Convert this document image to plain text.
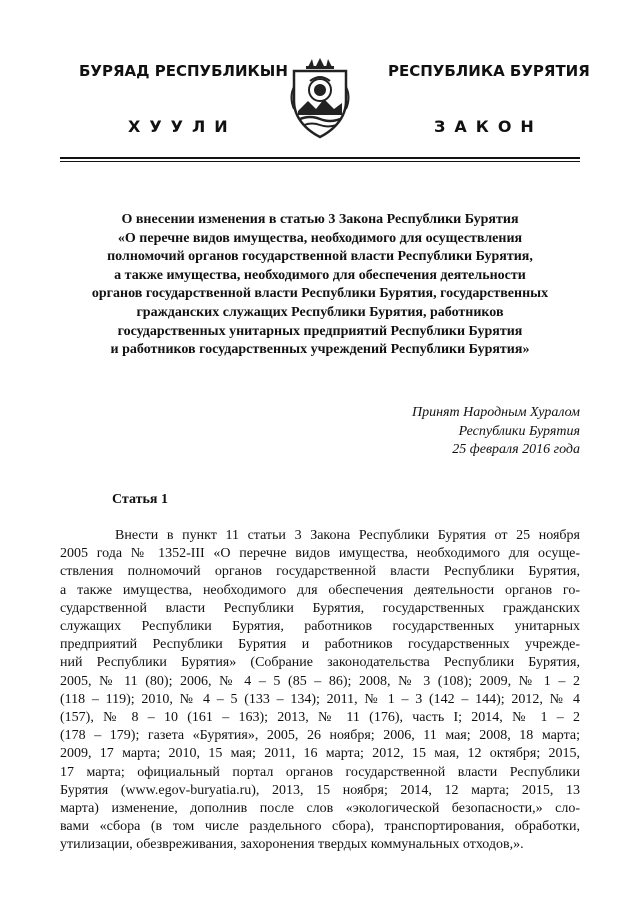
БУРЯАД РЕСПУБЛИКЫН
ХУУЛИ
РЕСПУБЛИКА БУРЯТИЯ
ЗАКОН
О внесении изменения в статью 3 Закона Республики Бурятия
«О перечне видов имущества, необходимого для осуществления
полномочий органов государственной власти Республики Бурятия,
а также имущества, необходимого для обеспечения деятельности
органов государственной власти Республики Бурятия, государственных
гражданских служащих Республики Бурятия, работников
государственных унитарных предприятий Республики Бурятия
и работников государственных учреждений Республики Бурятия»
Принят Народным Хуралом
Республики Бурятия
25 февраля 2016 года
Статья 1
Внести в пункт 11 статьи 3 Закона Республики Бурятия от 25 ноября
2005 года № 1352-III «О перечне видов имущества, необходимого для осуще-
ствления полномочий органов государственной власти Республики Бурятия,
а также имущества, необходимого для обеспечения деятельности органов го-
сударственной власти Республики Бурятия, государственных гражданских
служащих Республики Бурятия, работников государственных унитарных
предприятий Республики Бурятия и работников государственных учрежде-
ний Республики Бурятия» (Собрание законодательства Республики Бурятия,
2005, № 11 (80); 2006, № 4 – 5 (85 – 86); 2008, № 3 (108); 2009, № 1 – 2
(118 – 119); 2010, № 4 – 5 (133 – 134); 2011, № 1 – 3 (142 – 144); 2012, № 4
(157), № 8 – 10 (161 – 163); 2013, № 11 (176), часть I; 2014, № 1 – 2
(178 – 179); газета «Бурятия», 2005, 26 ноября; 2006, 11 мая; 2008, 18 марта;
2009, 17 марта; 2010, 15 мая; 2011, 16 марта; 2012, 15 мая, 12 октября; 2015,
17 марта; официальный портал органов государственной власти Республики
Бурятия (www.egov-buryatia.ru), 2013, 15 ноября; 2014, 12 марта; 2015, 13
марта) изменение, дополнив после слов «экологической безопасности,» сло-
вами «сбора (в том числе раздельного сбора), транспортирования, обработки,
утилизации, обезвреживания, захоронения твердых коммунальных отходов,».
